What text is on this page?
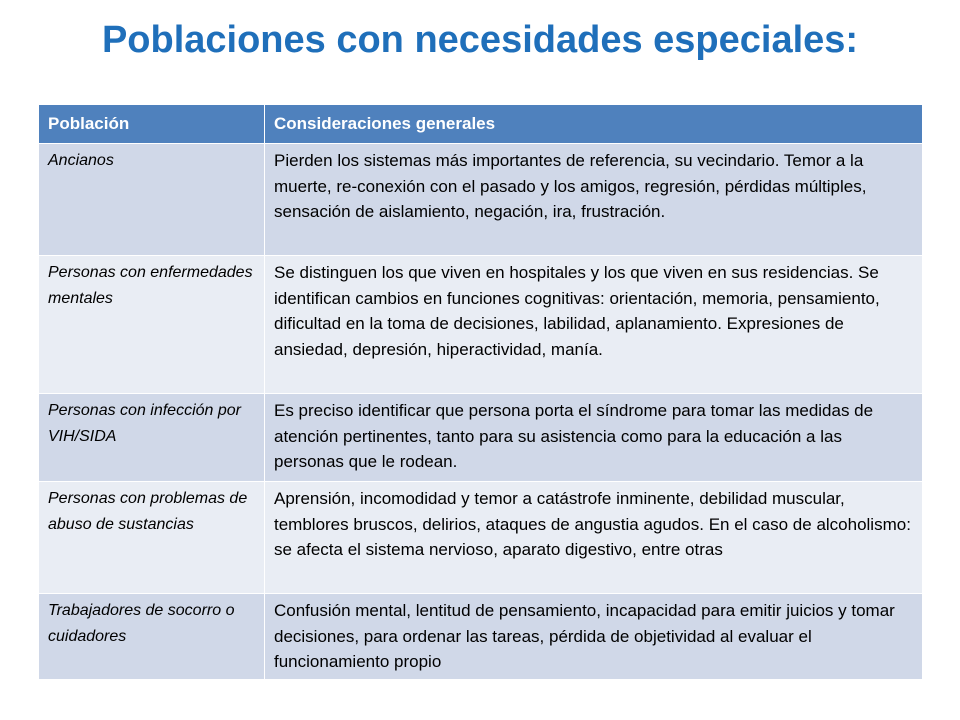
Poblaciones con necesidades especiales:
Población	Consideraciones generales
Ancianos	Pierden los sistemas más importantes de referencia, su vecindario. Temor a la muerte, re-conexión con el pasado y los amigos, regresión, pérdidas múltiples, sensación de aislamiento, negación, ira, frustración.
Personas con enfermedades mentales	Se distinguen los que viven en hospitales y los que viven en sus residencias. Se identifican cambios en funciones cognitivas: orientación, memoria, pensamiento, dificultad en la toma de decisiones, labilidad, aplanamiento. Expresiones de ansiedad, depresión, hiperactividad, manía.
Personas con infección por VIH/SIDA	Es preciso identificar que persona porta el síndrome para tomar las medidas de atención pertinentes, tanto para su asistencia como para la educación a las personas que le rodean.
Personas con problemas de abuso de sustancias	Aprensión, incomodidad y temor a catástrofe inminente, debilidad muscular, temblores bruscos, delirios, ataques de angustia agudos. En el caso de alcoholismo: se afecta el sistema nervioso, aparato digestivo, entre otras
Trabajadores de socorro o cuidadores	Confusión mental, lentitud de pensamiento, incapacidad para emitir juicios y tomar decisiones, para ordenar las tareas, pérdida de objetividad al evaluar el funcionamiento propio
